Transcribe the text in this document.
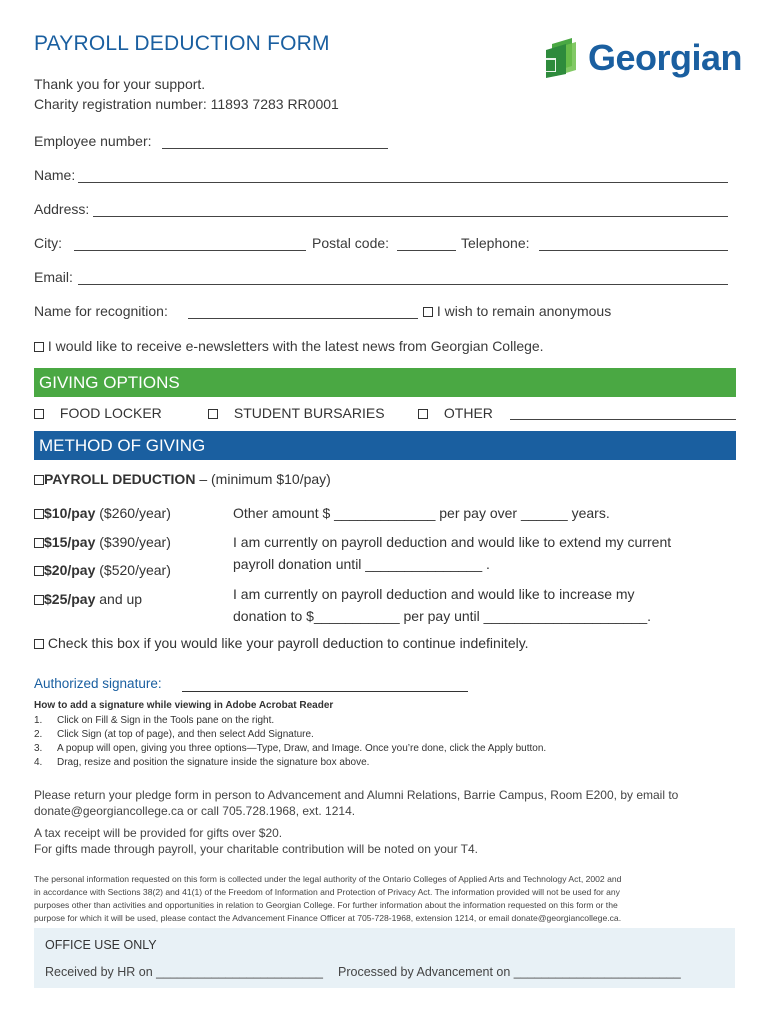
PAYROLL DEDUCTION FORM	Georgian
Thank you for your support.
Charity registration number: 11893 7283 RR0001
Employee number:
Name:
Address:
City:	Postal code:	Telephone:
Email:
Name for recognition:	I wish to remain anonymous
I would like to receive e-newsletters with the latest news from Georgian College.
GIVING OPTIONS
FOOD LOCKER	STUDENT BURSARIES	OTHER
METHOD OF GIVING
PAYROLL DEDUCTION – (minimum $10/pay)
$10/pay ($260/year)
$15/pay ($390/year)
$20/pay ($520/year)
$25/pay and up
Other amount $ _____________ per pay over ______ years.
I am currently on payroll deduction and would like to extend my current
payroll donation until _______________ .
I am currently on payroll deduction and would like to increase my
donation to $___________ per pay until _____________________.
Check this box if you would like your payroll deduction to continue indefinitely.
Authorized signature:
How to add a signature while viewing in Adobe Acrobat Reader
1. Click on Fill & Sign in the Tools pane on the right.
2. Click Sign (at top of page), and then select Add Signature.
3. A popup will open, giving you three options—Type, Draw, and Image. Once you’re done, click the Apply button.
4. Drag, resize and position the signature inside the signature box above.
Please return your pledge form in person to Advancement and Alumni Relations, Barrie Campus, Room E200, by email to
donate@georgiancollege.ca or call 705.728.1968, ext. 1214.
A tax receipt will be provided for gifts over $20.
For gifts made through payroll, your charitable contribution will be noted on your T4.
The personal information requested on this form is collected under the legal authority of the Ontario Colleges of Applied Arts and Technology Act, 2002 and
in accordance with Sections 38(2) and 41(1) of the Freedom of Information and Protection of Privacy Act. The information provided will not be used for any
purposes other than activities and opportunities in relation to Georgian College. For further information about the information requested on this form or the
purpose for which it will be used, please contact the Advancement Finance Officer at 705-728-1968, extension 1214, or email donate@georgiancollege.ca.
OFFICE USE ONLY
Received by HR on ________________________ Processed by Advancement on ________________________
